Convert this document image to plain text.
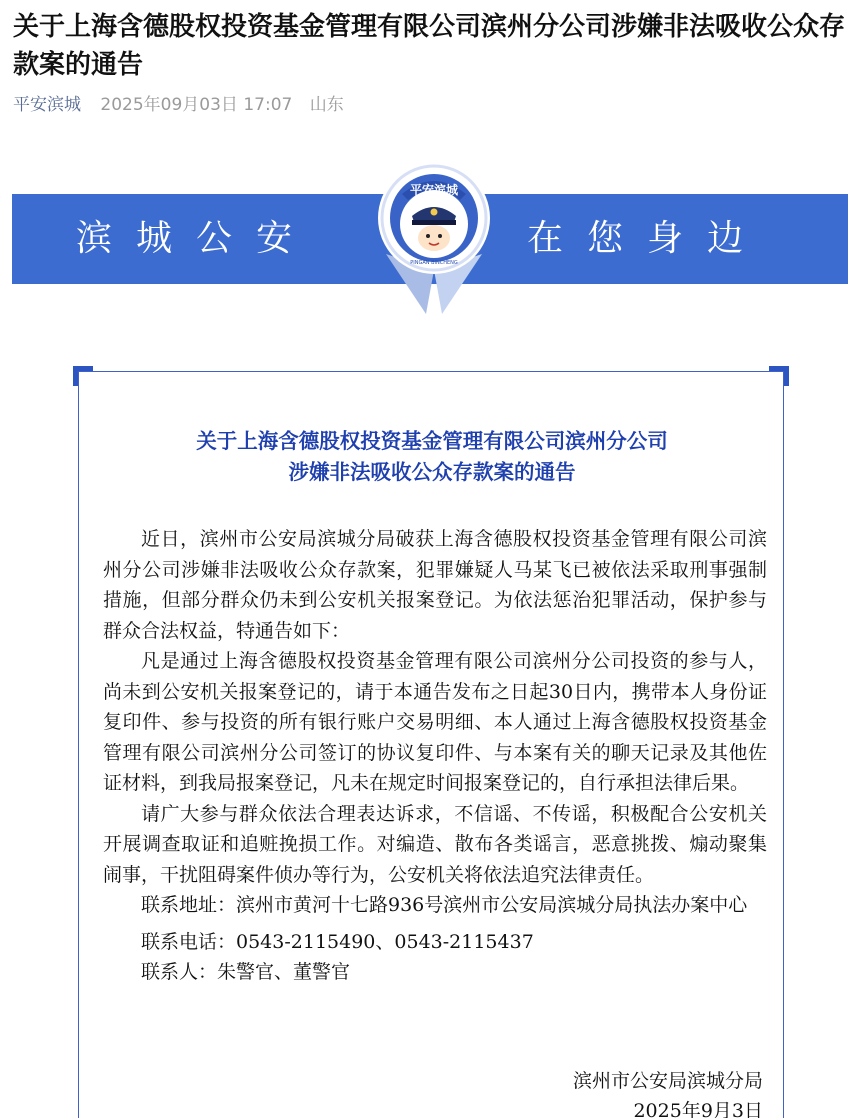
关于上海含德股权投资基金管理有限公司滨州分公司涉嫌非法吸收公众存款案的通告
平安滨城 2025年09月03日 17:07 山东
滨城公安	在您身边
平安滨城
PINGAN BINCHENG
关于上海含德股权投资基金管理有限公司滨州分公司
涉嫌非法吸收公众存款案的通告

近日，滨州市公安局滨城分局破获上海含德股权投资基金管理有限公司滨州分公司涉嫌非法吸收公众存款案，犯罪嫌疑人马某飞已被依法采取刑事强制措施，但部分群众仍未到公安机关报案登记。为依法惩治犯罪活动，保护参与群众合法权益，特通告如下：

凡是通过上海含德股权投资基金管理有限公司滨州分公司投资的参与人，尚未到公安机关报案登记的，请于本通告发布之日起30日内，携带本人身份证复印件、参与投资的所有银行账户交易明细、本人通过上海含德股权投资基金管理有限公司滨州分公司签订的协议复印件、与本案有关的聊天记录及其他佐证材料，到我局报案登记，凡未在规定时间报案登记的，自行承担法律后果。

请广大参与群众依法合理表达诉求，不信谣、不传谣，积极配合公安机关开展调查取证和追赃挽损工作。对编造、散布各类谣言，恶意挑拨、煽动聚集闹事，干扰阻碍案件侦办等行为，公安机关将依法追究法律责任。

联系地址：滨州市黄河十七路936号滨州市公安局滨城分局执法办案中心

联系电话：0543-2115490、0543-2115437

联系人：朱警官、董警官

滨州市公安局滨城分局
2025年9月3日
